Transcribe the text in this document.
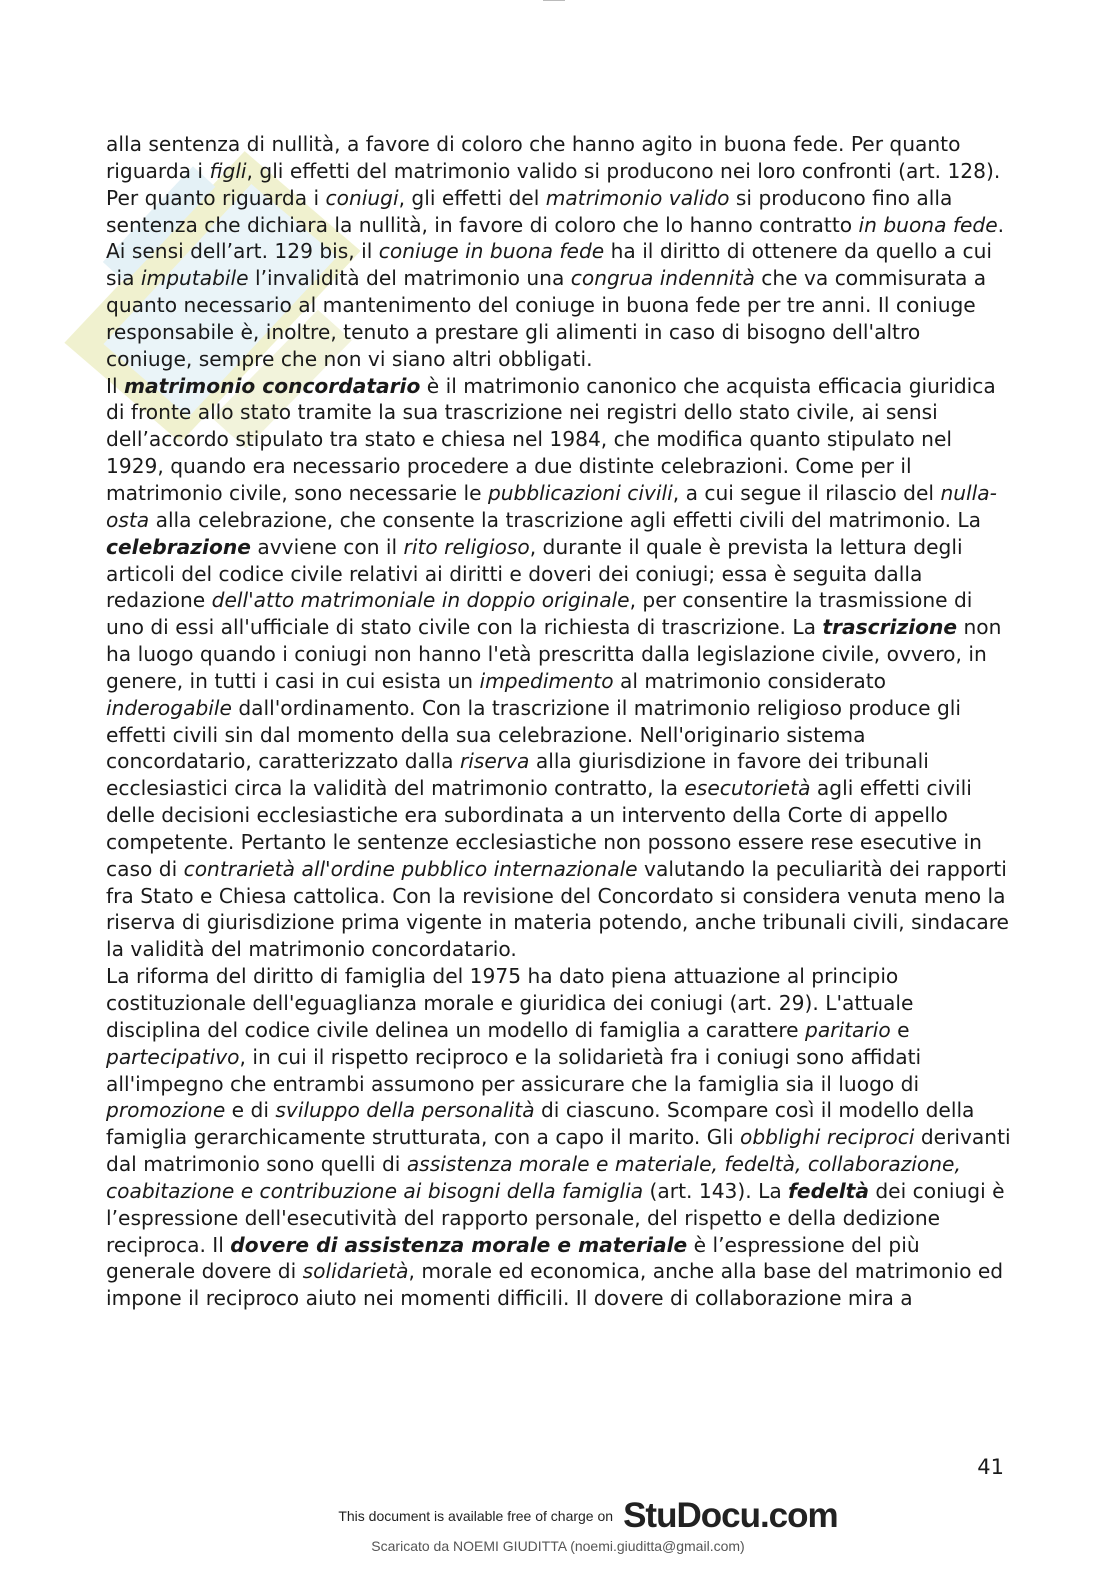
alla sentenza di nullità, a favore di coloro che hanno agito in buona fede. Per quanto riguarda i figli, gli effetti del matrimonio valido si producono nei loro confronti (art. 128). Per quanto riguarda i coniugi, gli effetti del matrimonio valido si producono fino alla sentenza che dichiara la nullità, in favore di coloro che lo hanno contratto in buona fede. Ai sensi dell’art. 129 bis, il coniuge in buona fede ha il diritto di ottenere da quello a cui sia imputabile l’invalidità del matrimonio una congrua indennità che va commisurata a quanto necessario al mantenimento del coniuge in buona fede per tre anni. Il coniuge responsabile è, inoltre, tenuto a prestare gli alimenti in caso di bisogno dell'altro coniuge, sempre che non vi siano altri obbligati.

Il matrimonio concordatario è il matrimonio canonico che acquista efficacia giuridica di fronte allo stato tramite la sua trascrizione nei registri dello stato civile, ai sensi dell’accordo stipulato tra stato e chiesa nel 1984, che modifica quanto stipulato nel 1929, quando era necessario procedere a due distinte celebrazioni. Come per il matrimonio civile, sono necessarie le pubblicazioni civili, a cui segue il rilascio del nulla-osta alla celebrazione, che consente la trascrizione agli effetti civili del matrimonio. La celebrazione avviene con il rito religioso, durante il quale è prevista la lettura degli articoli del codice civile relativi ai diritti e doveri dei coniugi; essa è seguita dalla redazione dell'atto matrimoniale in doppio originale, per consentire la trasmissione di uno di essi all'ufficiale di stato civile con la richiesta di trascrizione. La trascrizione non ha luogo quando i coniugi non hanno l'età prescritta dalla legislazione civile, ovvero, in genere, in tutti i casi in cui esista un impedimento al matrimonio considerato inderogabile dall'ordinamento. Con la trascrizione il matrimonio religioso produce gli effetti civili sin dal momento della sua celebrazione. Nell'originario sistema concordatario, caratterizzato dalla riserva alla giurisdizione in favore dei tribunali ecclesiastici circa la validità del matrimonio contratto, la esecutorietà agli effetti civili delle decisioni ecclesiastiche era subordinata a un intervento della Corte di appello competente. Pertanto le sentenze ecclesiastiche non possono essere rese esecutive in caso di contrarietà all'ordine pubblico internazionale valutando la peculiarità dei rapporti fra Stato e Chiesa cattolica. Con la revisione del Concordato si considera venuta meno la riserva di giurisdizione prima vigente in materia potendo, anche tribunali civili, sindacare la validità del matrimonio concordatario.

La riforma del diritto di famiglia del 1975 ha dato piena attuazione al principio costituzionale dell'eguaglianza morale e giuridica dei coniugi (art. 29). L'attuale disciplina del codice civile delinea un modello di famiglia a carattere paritario e partecipativo, in cui il rispetto reciproco e la solidarietà fra i coniugi sono affidati all'impegno che entrambi assumono per assicurare che la famiglia sia il luogo di promozione e di sviluppo della personalità di ciascuno. Scompare così il modello della famiglia gerarchicamente strutturata, con a capo il marito. Gli obblighi reciproci derivanti dal matrimonio sono quelli di assistenza morale e materiale, fedeltà, collaborazione, coabitazione e contribuzione ai bisogni della famiglia (art. 143). La fedeltà dei coniugi è l’espressione dell'esecutività del rapporto personale, del rispetto e della dedizione reciproca. Il dovere di assistenza morale e materiale è l’espressione del più generale dovere di solidarietà, morale ed economica, anche alla base del matrimonio ed impone il reciproco aiuto nei momenti difficili. Il dovere di collaborazione mira a

41
This document is available free of charge on StuDocu.com
Scaricato da NOEMI GIUDITTA (noemi.giuditta@gmail.com)
